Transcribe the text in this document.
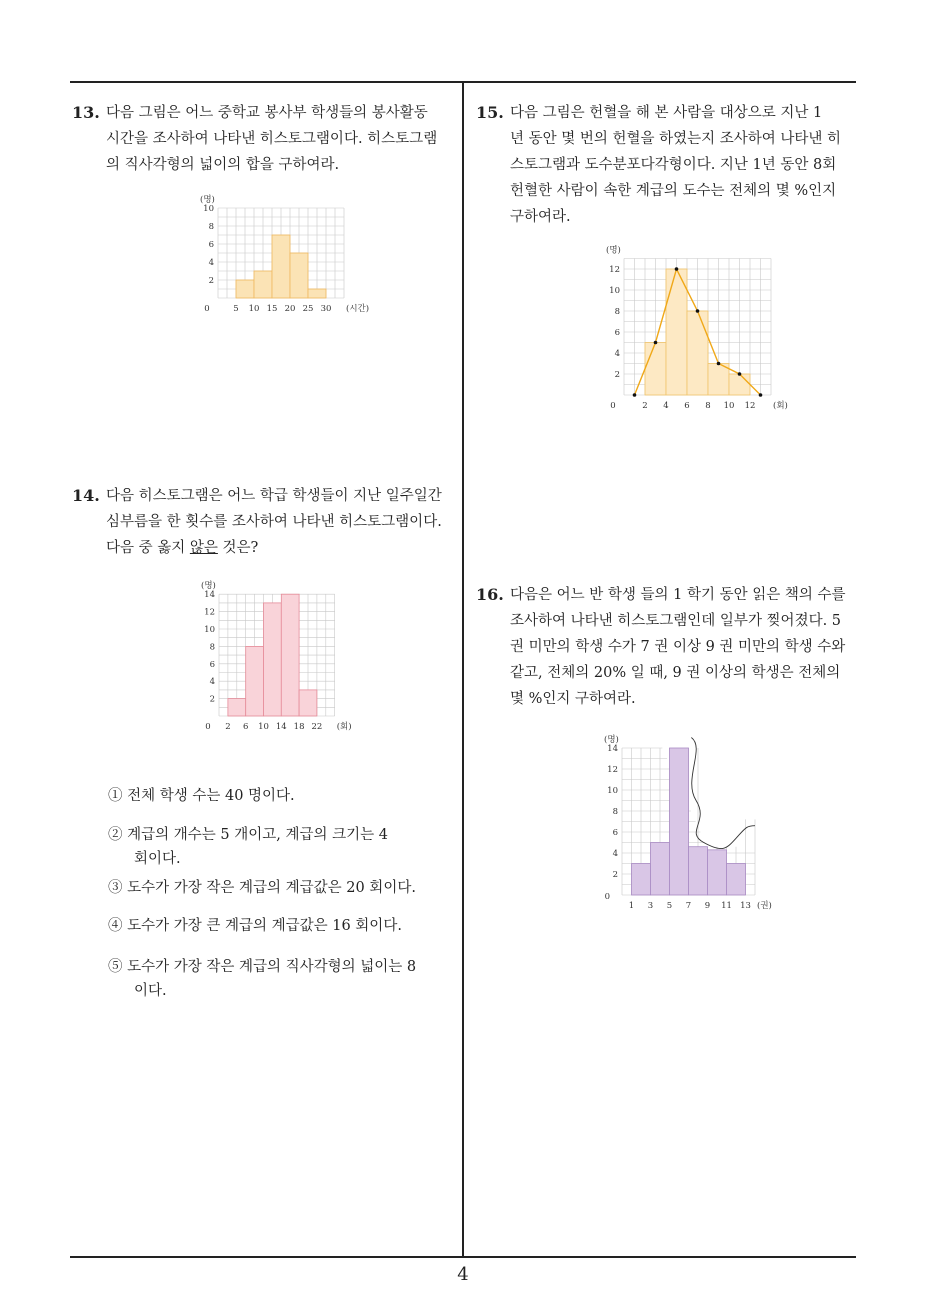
13. 다음 그림은 어느 중학교 봉사부 학생들의 봉사활동
시간을 조사하여 나타낸 히스토그램이다. 히스토그램
의 직사각형의 넓이의 합을 구하여라.
0	5 10 15 20 25 30 (시간)
2
4
6
8
10
(명)
14. 다음 히스토그램은 어느 학급 학생들이 지난 일주일간
심부름을 한 횟수를 조사하여 나타낸 히스토그램이다.
다음 중 옳지 않은 것은?
0 2 6 10 14 18 22 (회)
2
4
6
8
10
12
14
(명)
① 전체 학생 수는 40 명이다.
② 계급의 개수는 5 개이고, 계급의 크기는 4
회이다.
③ 도수가 가장 작은 계급의 계급값은 20 회이다.
④ 도수가 가장 큰 계급의 계급값은 16 회이다.
⑤ 도수가 가장 작은 계급의 직사각형의 넓이는 8
이다.
15. 다음 그림은 헌혈을 해 본 사람을 대상으로 지난 1
년 동안 몇 번의 헌혈을 하였는지 조사하여 나타낸 히
스토그램과 도수분포다각형이다. 지난 1년 동안 8회
헌혈한 사람이 속한 계급의 도수는 전체의 몇 %인지
구하여라.
0	2 4 6 8 10 12 (회)
2
4
6
8
10
12
(명)
16. 다음은 어느 반 학생 들의 1 학기 동안 읽은 책의 수를
조사하여 나타낸 히스토그램인데 일부가 찢어졌다. 5
권 미만의 학생 수가 7 권 이상 9 권 미만의 학생 수와
같고, 전체의 20% 일 때, 9 권 이상의 학생은 전체의
몇 %인지 구하여라.
1 3 5 7 9 11 13 (권)
2
4
6
8
10
12
14
0
(명)
4
